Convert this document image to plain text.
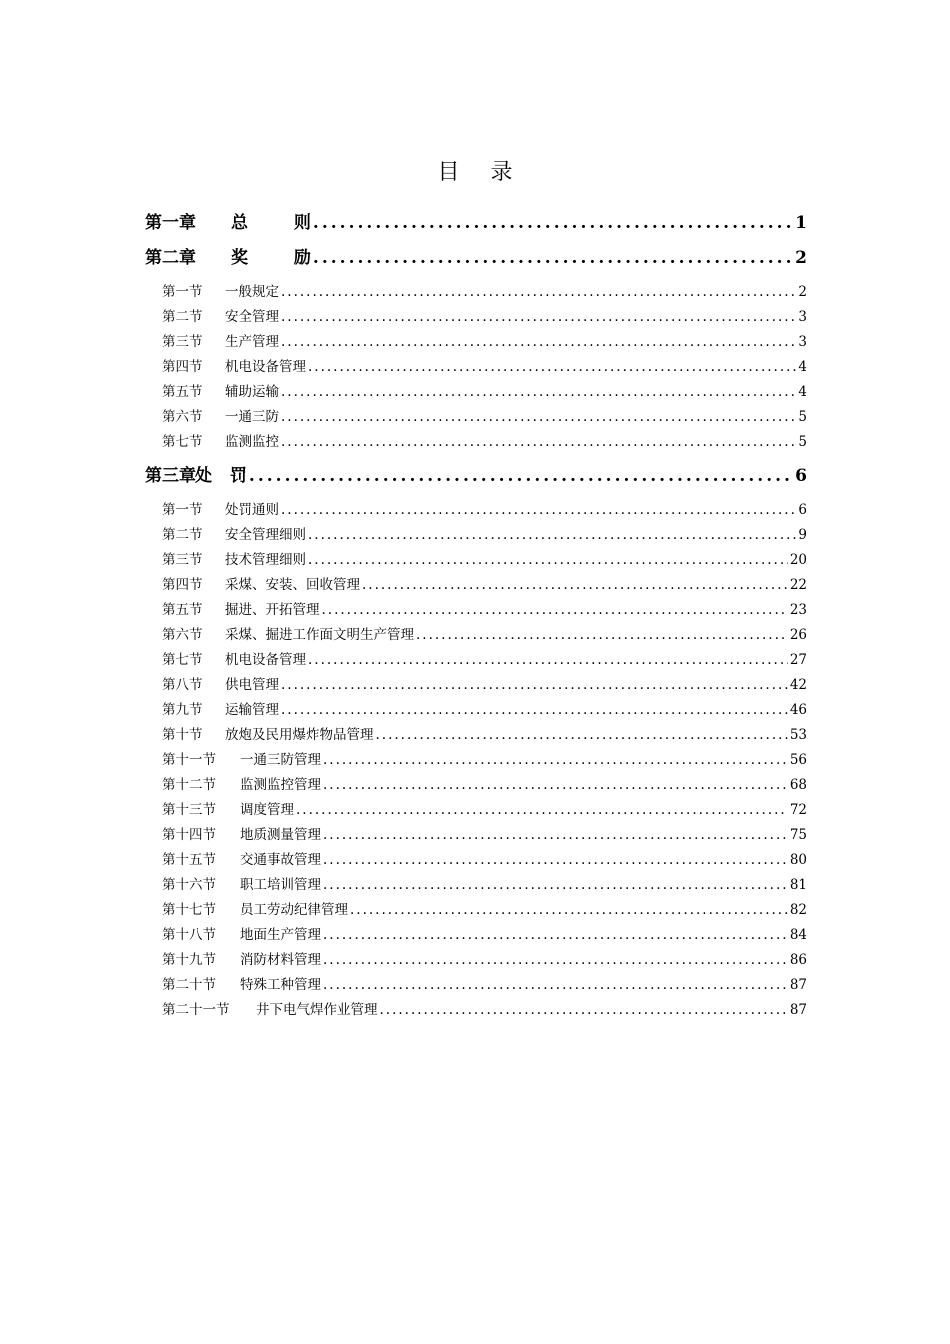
目 录
第一章 总 则 .....	1
第二章 奖 励 .....	2
第一节 一般规定 .....	2
第二节 安全管理 .....	3
第三节 生产管理 .....	3
第四节 机电设备管理 .....	4
第五节 辅助运输 .....	4
第六节 一通三防 .....	5
第七节 监测监控 .....	5
第三章处 罚 .....	6
第一节 处罚通则 .....	6
第二节 安全管理细则 .....	9
第三节 技术管理细则 .....	20
第四节 采煤、安装、回收管理 .....	22
第五节 掘进、开拓管理 .....	23
第六节 采煤、掘进工作面文明生产管理 .....	26
第七节 机电设备管理 .....	27
第八节 供电管理 .....	42
第九节 运输管理 .....	46
第十节 放炮及民用爆炸物品管理 .....	53
第十一节 一通三防管理 .....	56
第十二节 监测监控管理 .....	68
第十三节 调度管理 .....	72
第十四节 地质测量管理 .....	75
第十五节 交通事故管理 .....	80
第十六节 职工培训管理 .....	81
第十七节 员工劳动纪律管理 .....	82
第十八节 地面生产管理 .....	84
第十九节 消防材料管理 .....	86
第二十节 特殊工种管理 .....	87
第二十一节 井下电气焊作业管理 .....	87
